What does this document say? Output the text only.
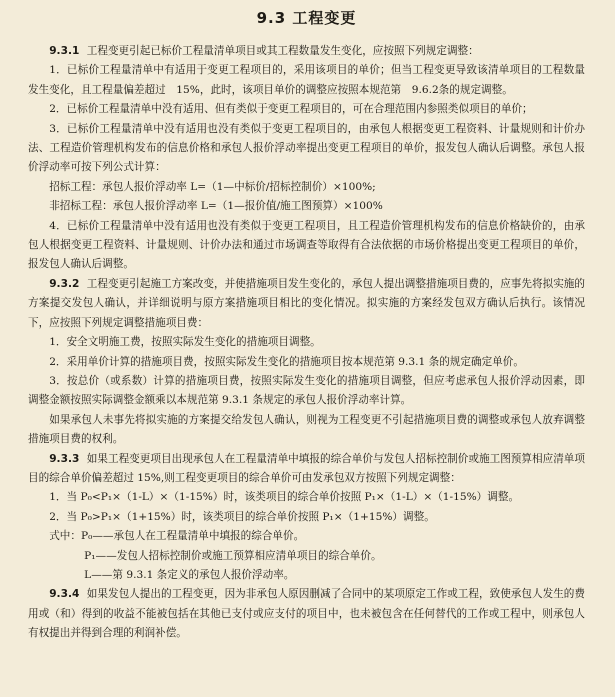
9.3 工程变更

9.3.1 工程变更引起已标价工程量清单项目或其工程数量发生变化，应按照下列规定调整：

1．已标价工程量清单中有适用于变更工程项目的，采用该项目的单价；但当工程变更导致该清单项目的工程数量发生变化，且工程量偏差超过　15%，此时，该项目单价的调整应按照本规范第　9.6.2条的规定调整。

2．已标价工程量清单中没有适用、但有类似于变更工程项目的，可在合理范围内参照类似项目的单价；

3．已标价工程量清单中没有适用也没有类似于变更工程项目的，由承包人根据变更工程资料、计量规则和计价办法、工程造价管理机构发布的信息价格和承包人报价浮动率提出变更工程项目的单价，报发包人确认后调整。承包人报价浮动率可按下列公式计算：

招标工程：承包人报价浮动率 L=（1—中标价/招标控制价）×100%;

非招标工程：承包人报价浮动率 L=（1—报价值/施工图预算）×100%

4．已标价工程量清单中没有适用也没有类似于变更工程项目，且工程造价管理机构发布的信息价格缺价的，由承包人根据变更工程资料、计量规则、计价办法和通过市场调查等取得有合法依据的市场价格提出变更工程项目的单价，报发包人确认后调整。

9.3.2 工程变更引起施工方案改变，并使措施项目发生变化的，承包人提出调整措施项目费的，应事先将拟实施的方案提交发包人确认，并详细说明与原方案措施项目相比的变化情况。拟实施的方案经发包双方确认后执行。该情况下，应按照下列规定调整措施项目费：

1．安全文明施工费，按照实际发生变化的措施项目调整。

2．采用单价计算的措施项目费，按照实际发生变化的措施项目按本规范第 9.3.1 条的规定确定单价。

3．按总价（或系数）计算的措施项目费，按照实际发生变化的措施项目调整，但应考虑承包人报价浮动因素，即调整金额按照实际调整金额乘以本规范第 9.3.1 条规定的承包人报价浮动率计算。

如果承包人未事先将拟实施的方案提交给发包人确认，则视为工程变更不引起措施项目费的调整或承包人放弃调整措施项目费的权利。

9.3.3 如果工程变更项目出现承包人在工程量清单中填报的综合单价与发包人招标控制价或施工图预算相应清单项目的综合单价偏差超过 15%,则工程变更项目的综合单价可由发承包双方按照下列规定调整：

1．当 P₀<P₁×（1-L）×（1-15%）时，该类项目的综合单价按照 P₁×（1-L）×（1-15%）调整。

2．当 P₀>P₁×（1+15%）时，该类项目的综合单价按照 P₁×（1+15%）调整。

式中：P₀——承包人在工程量清单中填报的综合单价。

P₁——发包人招标控制价或施工预算相应清单项目的综合单价。

L——第 9.3.1 条定义的承包人报价浮动率。

9.3.4 如果发包人提出的工程变更，因为非承包人原因删减了合同中的某项原定工作或工程，致使承包人发生的费用或（和）得到的收益不能被包括在其他已支付或应支付的项目中，也未被包含在任何替代的工作或工程中，则承包人有权提出并得到合理的利润补偿。
